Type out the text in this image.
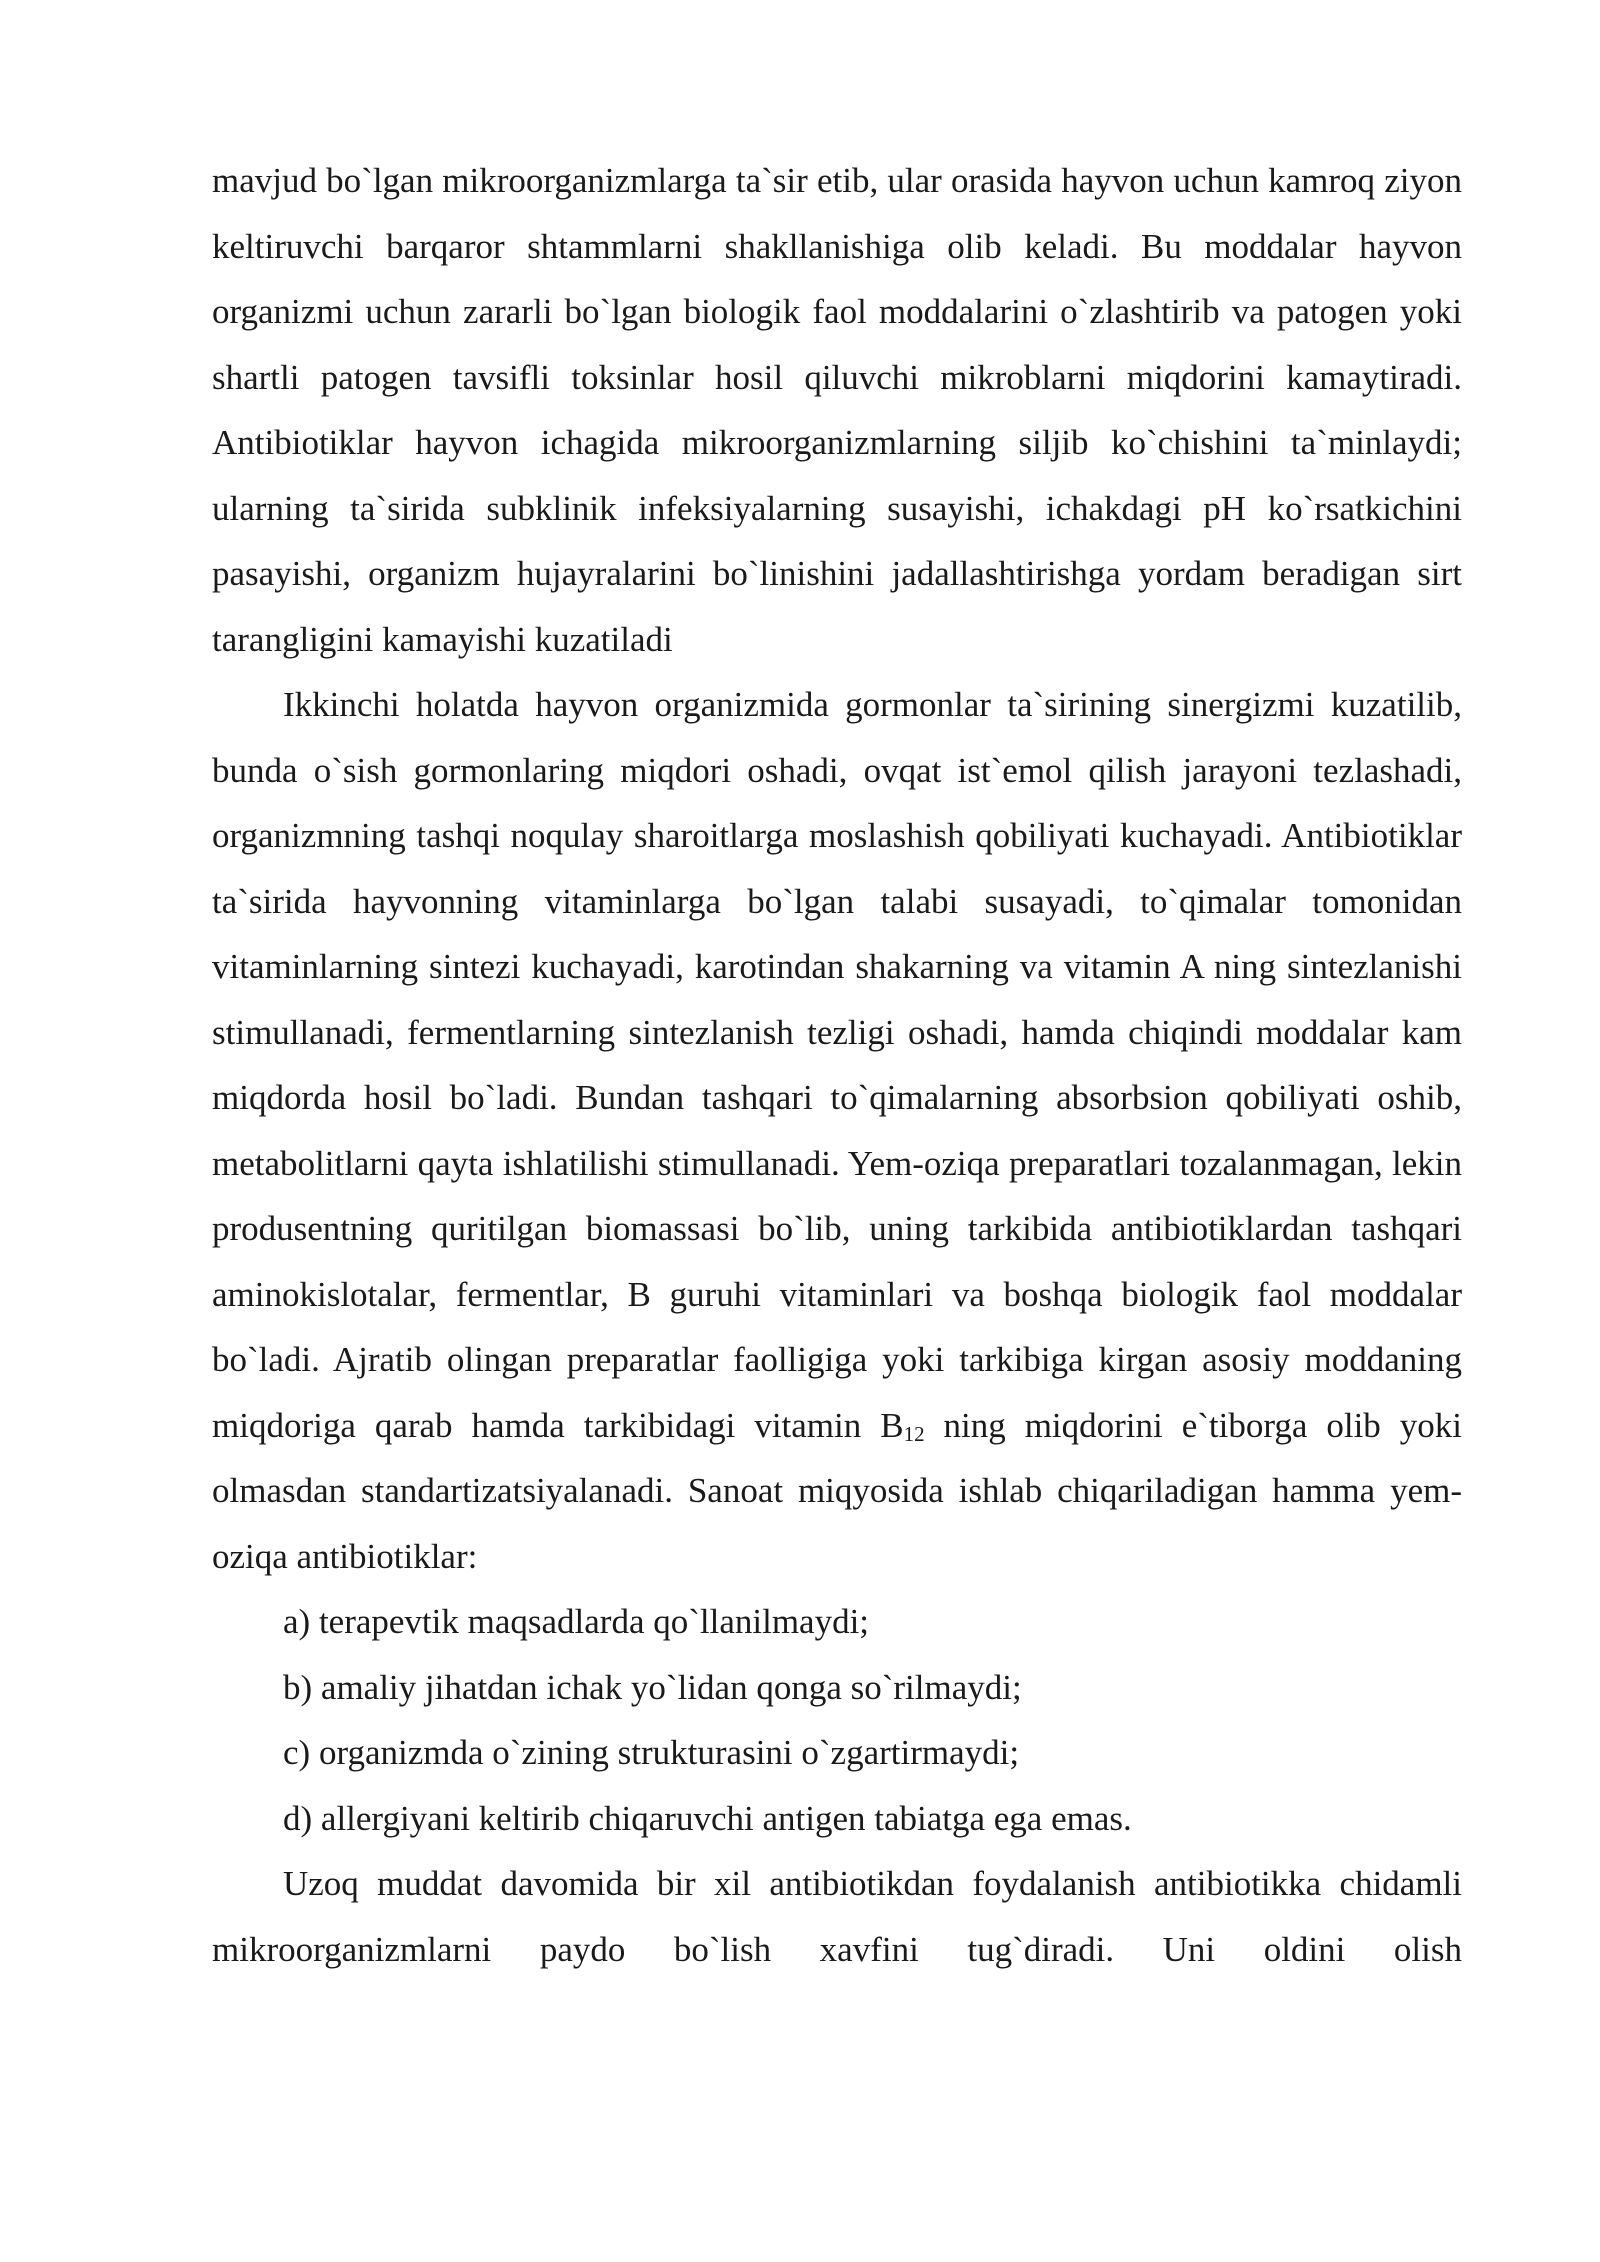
mavjud bo`lgan mikroorganizmlarga ta`sir etib, ular orasida hayvon uchun kamroq ziyon keltiruvchi barqaror shtammlarni shakllanishiga olib keladi. Bu moddalar hayvon organizmi uchun zararli bo`lgan biologik faol moddalarini o`zlashtirib va patogen yoki shartli patogen tavsifli toksinlar hosil qiluvchi mikroblarni miqdorini kamaytiradi. Antibiotiklar hayvon ichagida mikroorganizmlarning siljib ko`chishini ta`minlaydi; ularning ta`sirida subklinik infeksiyalarning susayishi, ichakdagi pH ko`rsatkichini pasayishi, organizm hujayralarini bo`linishini jadallashtirishga yordam beradigan sirt tarangligini kamayishi kuzatiladi

Ikkinchi holatda hayvon organizmida gormonlar ta`sirining sinergizmi kuzatilib, bunda o`sish gormonlaring miqdori oshadi, ovqat ist`emol qilish jarayoni tezlashadi, organizmning tashqi noqulay sharoitlarga moslashish qobiliyati kuchayadi. Antibiotiklar ta`sirida hayvonning vitaminlarga bo`lgan talabi susayadi, to`qimalar tomonidan vitaminlarning sintezi kuchayadi, karotindan shakarning va vitamin A ning sintezlanishi stimullanadi, fermentlarning sintezlanish tezligi oshadi, hamda chiqindi moddalar kam miqdorda hosil bo`ladi. Bundan tashqari to`qimalarning absorbsion qobiliyati oshib, metabolitlarni qayta ishlatilishi stimullanadi. Yem-oziqa preparatlari tozalanmagan, lekin produsentning quritilgan biomassasi bo`lib, uning tarkibida antibiotiklardan tashqari aminokislotalar, fermentlar, B guruhi vitaminlari va boshqa biologik faol moddalar bo`ladi. Ajratib olingan preparatlar faolligiga yoki tarkibiga kirgan asosiy moddaning miqdoriga qarab hamda tarkibidagi vitamin $B_{12}$ ning miqdorini e`tiborga olib yoki olmasdan standartizatsiyalanadi. Sanoat miqyosida ishlab chiqariladigan hamma yem-oziqa antibiotiklar:

a) terapevtik maqsadlarda qo`llanilmaydi;

b) amaliy jihatdan ichak yo`lidan qonga so`rilmaydi;

c) organizmda o`zining strukturasini o`zgartirmaydi;

d) allergiyani keltirib chiqaruvchi antigen tabiatga ega emas.

Uzoq muddat davomida bir xil antibiotikdan foydalanish antibiotikka chidamli mikroorganizmlarni paydo bo`lish xavfini tug`diradi. Uni oldini olish
